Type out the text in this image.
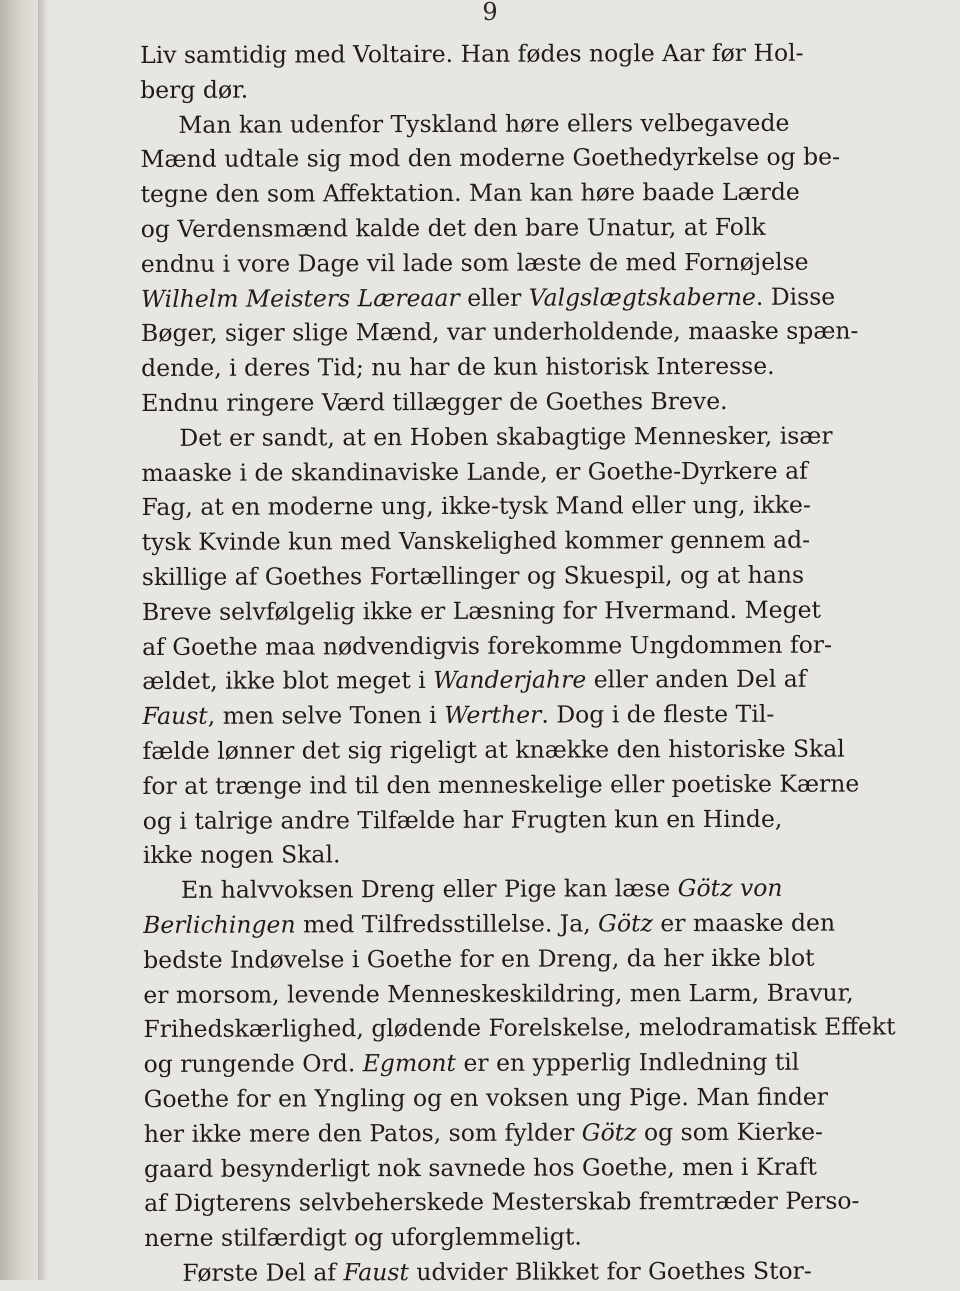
9
Liv samtidig med Voltaire. Han fødes nogle Aar før Hol-
berg dør.
Man kan udenfor Tyskland høre ellers velbegavede
Mænd udtale sig mod den moderne Goethedyrkelse og be-
tegne den som Affektation. Man kan høre baade Lærde
og Verdensmænd kalde det den bare Unatur, at Folk
endnu i vore Dage vil lade som læste de med Fornøjelse
Wilhelm Meisters Læreaar eller Valgslægtskaberne. Disse
Bøger, siger slige Mænd, var underholdende, maaske spæn-
dende, i deres Tid; nu har de kun historisk Interesse.
Endnu ringere Værd tillægger de Goethes Breve.
Det er sandt, at en Hoben skabagtige Mennesker, især
maaske i de skandinaviske Lande, er Goethe-Dyrkere af
Fag, at en moderne ung, ikke-tysk Mand eller ung, ikke-
tysk Kvinde kun med Vanskelighed kommer gennem ad-
skillige af Goethes Fortællinger og Skuespil, og at hans
Breve selvfølgelig ikke er Læsning for Hvermand. Meget
af Goethe maa nødvendigvis forekomme Ungdommen for-
ældet, ikke blot meget i Wanderjahre eller anden Del af
Faust, men selve Tonen i Werther. Dog i de fleste Til-
fælde lønner det sig rigeligt at knække den historiske Skal
for at trænge ind til den menneskelige eller poetiske Kærne
og i talrige andre Tilfælde har Frugten kun en Hinde,
ikke nogen Skal.
En halvvoksen Dreng eller Pige kan læse Götz von
Berlichingen med Tilfredsstillelse. Ja, Götz er maaske den
bedste Indøvelse i Goethe for en Dreng, da her ikke blot
er morsom, levende Menneskeskildring, men Larm, Bravur,
Frihedskærlighed, glødende Forelskelse, melodramatisk Effekt
og rungende Ord. Egmont er en ypperlig Indledning til
Goethe for en Yngling og en voksen ung Pige. Man finder
her ikke mere den Patos, som fylder Götz og som Kierke-
gaard besynderligt nok savnede hos Goethe, men i Kraft
af Digterens selvbeherskede Mesterskab fremtræder Perso-
nerne stilfærdigt og uforglemmeligt.
Første Del af Faust udvider Blikket for Goethes Stor-
